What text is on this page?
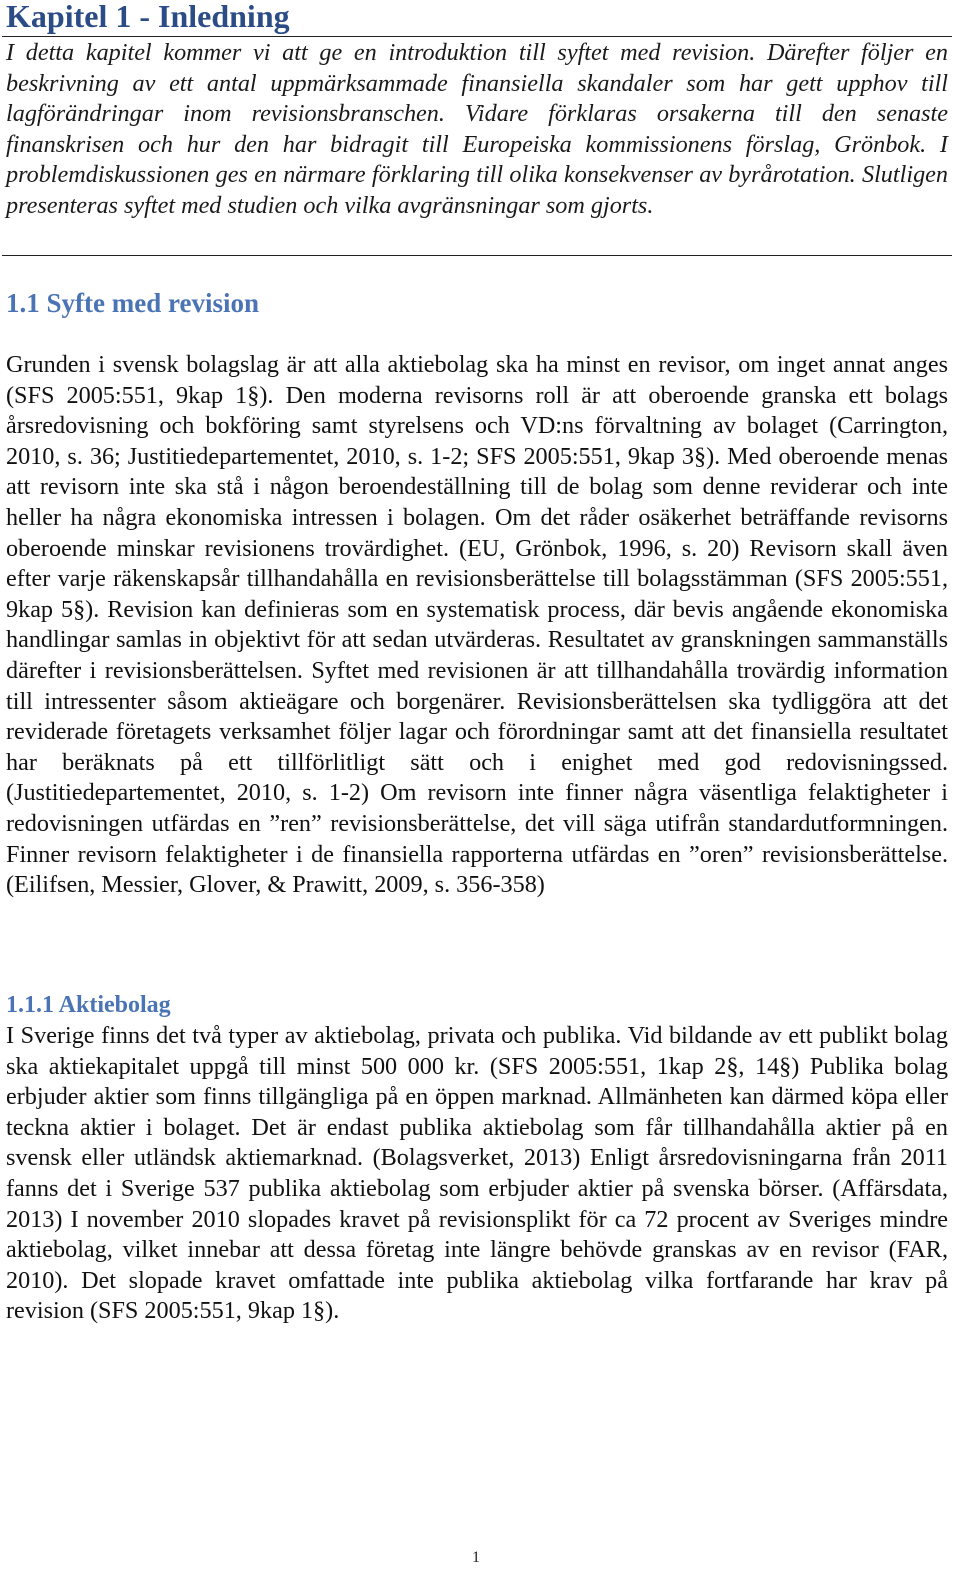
Kapitel 1 - Inledning

I detta kapitel kommer vi att ge en introduktion till syftet med revision. Därefter följer en beskrivning av ett antal uppmärksammade finansiella skandaler som har gett upphov till lagförändringar inom revisionsbranschen. Vidare förklaras orsakerna till den senaste finanskrisen och hur den har bidragit till Europeiska kommissionens förslag, Grönbok. I problemdiskussionen ges en närmare förklaring till olika konsekvenser av byrårotation. Slutligen presenteras syftet med studien och vilka avgränsningar som gjorts.

1.1 Syfte med revision

Grunden i svensk bolagslag är att alla aktiebolag ska ha minst en revisor, om inget annat anges (SFS 2005:551, 9kap 1§). Den moderna revisorns roll är att oberoende granska ett bolags årsredovisning och bokföring samt styrelsens och VD:ns förvaltning av bolaget (Carrington, 2010, s. 36; Justitiedepartementet, 2010, s. 1-2; SFS 2005:551, 9kap 3§). Med oberoende menas att revisorn inte ska stå i någon beroendeställning till de bolag som denne reviderar och inte heller ha några ekonomiska intressen i bolagen. Om det råder osäkerhet beträffande revisorns oberoende minskar revisionens trovärdighet. (EU, Grönbok, 1996, s. 20) Revisorn skall även efter varje räkenskapsår tillhandahålla en revisionsberättelse till bolagsstämman (SFS 2005:551, 9kap 5§). Revision kan definieras som en systematisk process, där bevis angående ekonomiska handlingar samlas in objektivt för att sedan utvärderas. Resultatet av granskningen sammanställs därefter i revisionsberättelsen. Syftet med revisionen är att tillhandahålla trovärdig information till intressenter såsom aktieägare och borgenärer. Revisionsberättelsen ska tydliggöra att det reviderade företagets verksamhet följer lagar och förordningar samt att det finansiella resultatet har beräknats på ett tillförlitligt sätt och i enighet med god redovisningssed. (Justitiedepartementet, 2010, s. 1-2) Om revisorn inte finner några väsentliga felaktigheter i redovisningen utfärdas en ”ren” revisionsberättelse, det vill säga utifrån standardutformningen. Finner revisorn felaktigheter i de finansiella rapporterna utfärdas en ”oren” revisionsberättelse. (Eilifsen, Messier, Glover, & Prawitt, 2009, s. 356-358)

1.1.1 Aktiebolag

I Sverige finns det två typer av aktiebolag, privata och publika. Vid bildande av ett publikt bolag ska aktiekapitalet uppgå till minst 500 000 kr. (SFS 2005:551, 1kap 2§, 14§) Publika bolag erbjuder aktier som finns tillgängliga på en öppen marknad. Allmänheten kan därmed köpa eller teckna aktier i bolaget. Det är endast publika aktiebolag som får tillhandahålla aktier på en svensk eller utländsk aktiemarknad. (Bolagsverket, 2013) Enligt årsredovisningarna från 2011 fanns det i Sverige 537 publika aktiebolag som erbjuder aktier på svenska börser. (Affärsdata, 2013) I november 2010 slopades kravet på revisionsplikt för ca 72 procent av Sveriges mindre aktiebolag, vilket innebar att dessa företag inte längre behövde granskas av en revisor (FAR, 2010). Det slopade kravet omfattade inte publika aktiebolag vilka fortfarande har krav på revision (SFS 2005:551, 9kap 1§).

1
